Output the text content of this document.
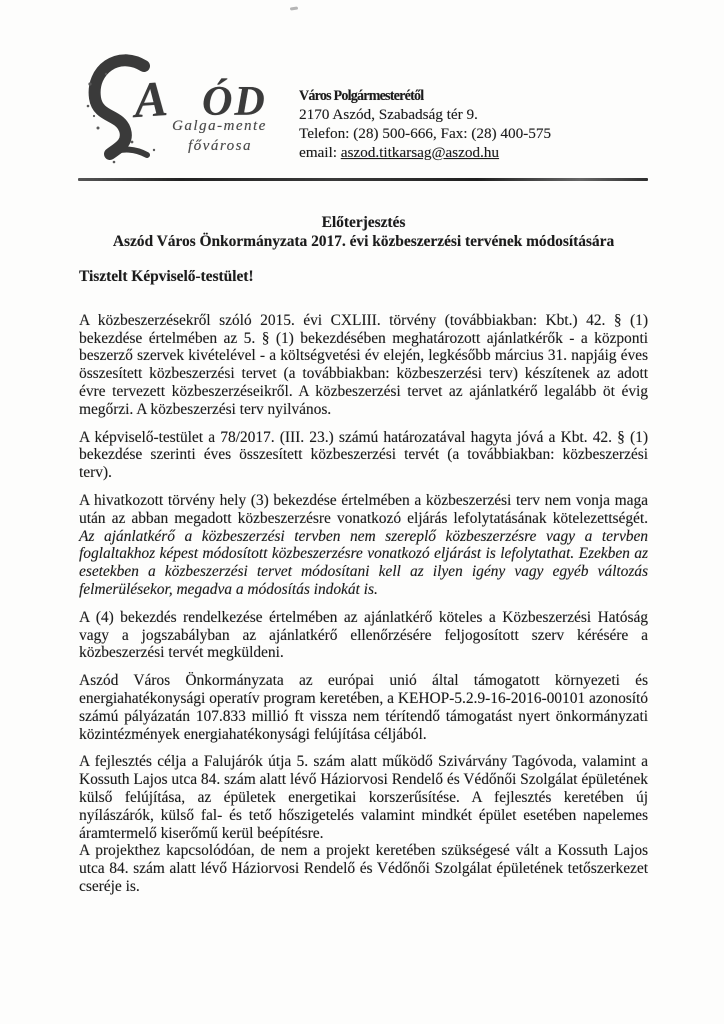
A ÓD
Galga-mente
fővárosa
Város Polgármesterétől
2170 Aszód, Szabadság tér 9.
Telefon: (28) 500-666, Fax: (28) 400-575
email: aszod.titkarsag@aszod.hu
Előterjesztés
Aszód Város Önkormányzata 2017. évi közbeszerzési tervének módosítására
Tisztelt Képviselő-testület!

A közbeszerzésekről szóló 2015. évi CXLIII. törvény (továbbiakban: Kbt.) 42. § (1) bekezdése értelmében az 5. § (1) bekezdésében meghatározott ajánlatkérők - a központi beszerző szervek kivételével - a költségvetési év elején, legkésőbb március 31. napjáig éves összesített közbeszerzési tervet (a továbbiakban: közbeszerzési terv) készítenek az adott évre tervezett közbeszerzéseikről. A közbeszerzési tervet az ajánlatkérő legalább öt évig megőrzi. A közbeszerzési terv nyilvános.

A képviselő-testület a 78/2017. (III. 23.) számú határozatával hagyta jóvá a Kbt. 42. § (1) bekezdése szerinti éves összesített közbeszerzési tervét (a továbbiakban: közbeszerzési terv).

A hivatkozott törvény hely (3) bekezdése értelmében a közbeszerzési terv nem vonja maga után az abban megadott közbeszerzésre vonatkozó eljárás lefolytatásának kötelezettségét. Az ajánlatkérő a közbeszerzési tervben nem szereplő közbeszerzésre vagy a tervben foglaltakhoz képest módosított közbeszerzésre vonatkozó eljárást is lefolytathat. Ezekben az esetekben a közbeszerzési tervet módosítani kell az ilyen igény vagy egyéb változás felmerülésekor, megadva a módosítás indokát is.

A (4) bekezdés rendelkezése értelmében az ajánlatkérő köteles a Közbeszerzési Hatóság vagy a jogszabályban az ajánlatkérő ellenőrzésére feljogosított szerv kérésére a közbeszerzési tervét megküldeni.

Aszód Város Önkormányzata az európai unió által támogatott környezeti és energiahatékonysági operatív program keretében, a KEHOP-5.2.9-16-2016-00101 azonosító számú pályázatán 107.833 millió ft vissza nem térítendő támogatást nyert önkormányzati közintézmények energiahatékonysági felújítása céljából.

A fejlesztés célja a Falujárók útja 5. szám alatt működő Szivárvány Tagóvoda, valamint a Kossuth Lajos utca 84. szám alatt lévő Háziorvosi Rendelő és Védőnői Szolgálat épületének külső felújítása, az épületek energetikai korszerűsítése. A fejlesztés keretében új nyílászárók, külső fal- és tető hőszigetelés valamint mindkét épület esetében napelemes áramtermelő kiserőmű kerül beépítésre.

A projekthez kapcsolódóan, de nem a projekt keretében szükségesé vált a Kossuth Lajos utca 84. szám alatt lévő Háziorvosi Rendelő és Védőnői Szolgálat épületének tetőszerkezet cseréje is.
